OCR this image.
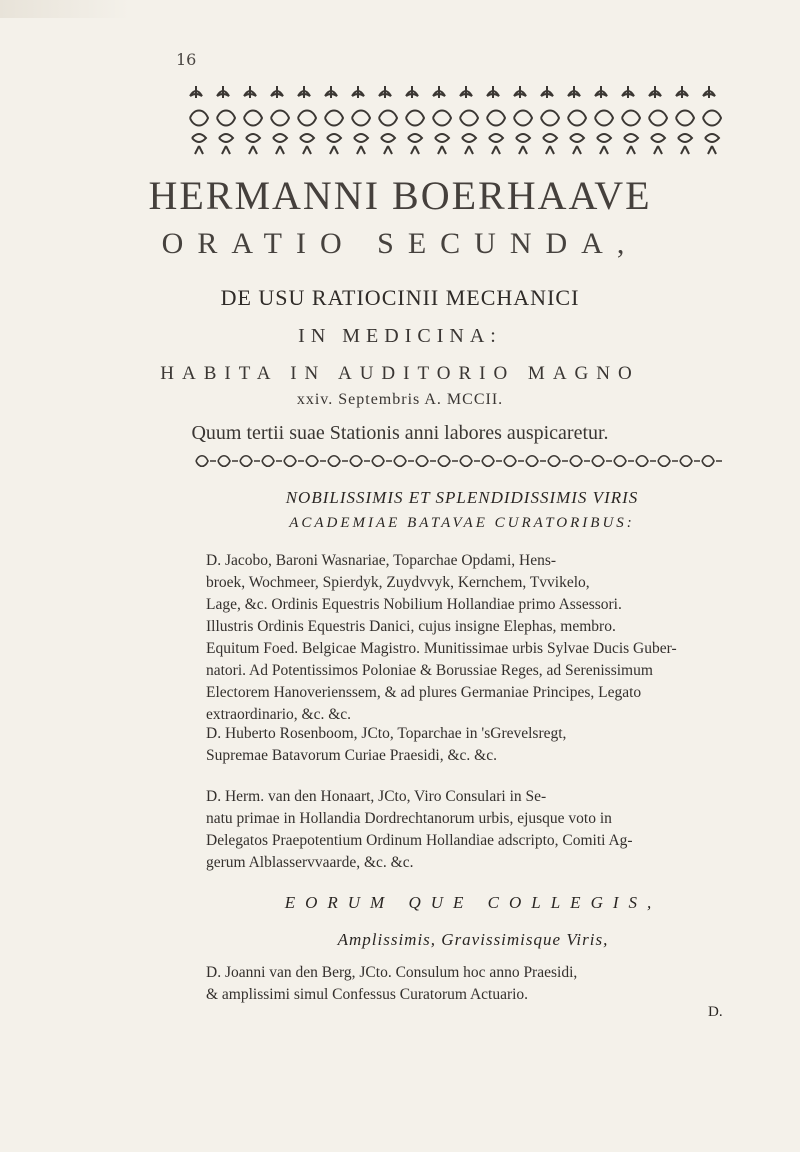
16
HERMANNI BOERHAAVE
ORATIO SECUNDA,
DE USU RATIOCINII MECHANICI
IN MEDICINA:
HABITA IN AUDITORIO MAGNO
xxiv. Septembris A. MCCII.
Quum tertii suae Stationis anni labores auspicaretur.
NOBILISSIMIS ET SPLENDIDISSIMIS VIRIS
ACADEMIAE BATAVAE CURATORIBUS:
D. Jacobo, Baroni Wasnariae, Toparchae Opdami, Hens-
broek, Wochmeer, Spierdyk, Zuydvvyk, Kernchem, Tvvikelo,
Lage, &c. Ordinis Equestris Nobilium Hollandiae primo Assessori.
Illustris Ordinis Equestris Danici, cujus insigne Elephas, membro.
Equitum Foed. Belgicae Magistro. Munitissimae urbis Sylvae Ducis Guber-
natori. Ad Potentissimos Poloniae & Borussiae Reges, ad Serenissimum
Electorem Hanoverienssem, & ad plures Germaniae Principes, Legato
extraordinario, &c. &c.
D. Huberto Rosenboom, JCto, Toparchae in 'sGrevelsregt,
Supremae Batavorum Curiae Praesidi, &c. &c.
D. Herm. van den Honaart, JCto, Viro Consulari in Se-
natu primae in Hollandia Dordrechtanorum urbis, ejusque voto in
Delegatos Praepotentium Ordinum Hollandiae adscripto, Comiti Ag-
gerum Alblasservvaarde, &c. &c.
EORUM QUE COLLEGIS,
Amplissimis, Gravissimisque Viris,
D. Joanni van den Berg, JCto. Consulum hoc anno Praesidi,
& amplissimi simul Confessus Curatorum Actuario.
D.
